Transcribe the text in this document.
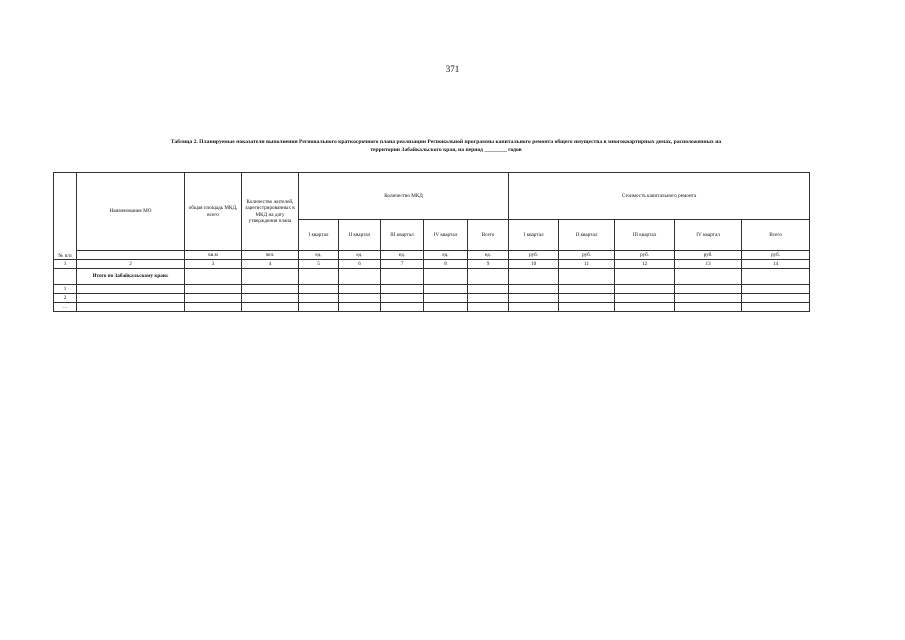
371
Таблица 2. Планируемые показатели выполнения Регионального краткосрочного плана реализации Региональной программы капитального ремонта общего имущества в многоквартирных домах, расположенных на
территории Забайкальского края, на период ________ годов
№ п/п	Наименование МО	общая площадь МКД, всего	Количество жителей, зарегистрированных в МКД на дату утверждения плана	Количество МКД					Стоимость капитального ремонта				
				I квартал	II квартал	III квартал	IV квартал	Всего	I квартал	II квартал	III квартал	IV квартал	Всего
		кв.м	чел.	ед.	ед.	ед.	ед.	ед.	руб.	руб.	руб.	руб.	руб.
1	2	3	4	5	6	7	8	9	10	11	12	13	14
	Итого по Забайкальскому краю:												
1													
2													
...													
